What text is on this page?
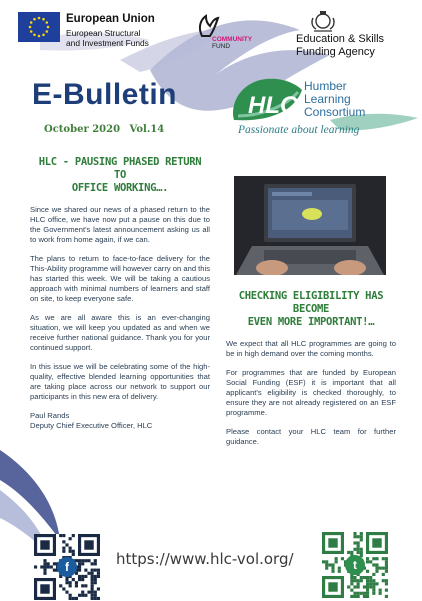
European Union
European Structural
and Investment Funds	COMMUNITY
FUND
Education & Skills
Funding Agency
E-Bulletin
October 2020 Vol.14
HLC
Humber
Learning
Consortium
Passionate about learning
HLC - PAUSING PHASED RETURN TO
OFFICE WORKING….

Since we shared our news of a phased return to the HLC office, we have now put a pause on this due to the Government's latest announcement asking us all to work from home again, if we can.

The plans to return to face-to-face delivery for the This-Ability programme will however carry on and this has started this week. We will be taking a cautious approach with minimal numbers of learners and staff on site, to keep everyone safe.

As we are all aware this is an ever-changing situation, we will keep you updated as and when we receive further national guidance. Thank you for your continued support.

In this issue we will be celebrating some of the high-quality, effective blended learning opportunities that are taking place across our network to support our participants in this new era of delivery.

Paul Rands
Deputy Chief Executive Officer, HLC
CHECKING ELIGIBILITY HAS BECOME
EVEN MORE IMPORTANT!…

We expect that all HLC programmes are going to be in high demand over the coming months.

For programmes that are funded by European Social Funding (ESF) it is important that all applicant's eligibility is checked thoroughly, to ensure they are not already registered on an ESF programme.

Please contact your HLC team for further guidance.

f	https://www.hlc-vol.org/	t
